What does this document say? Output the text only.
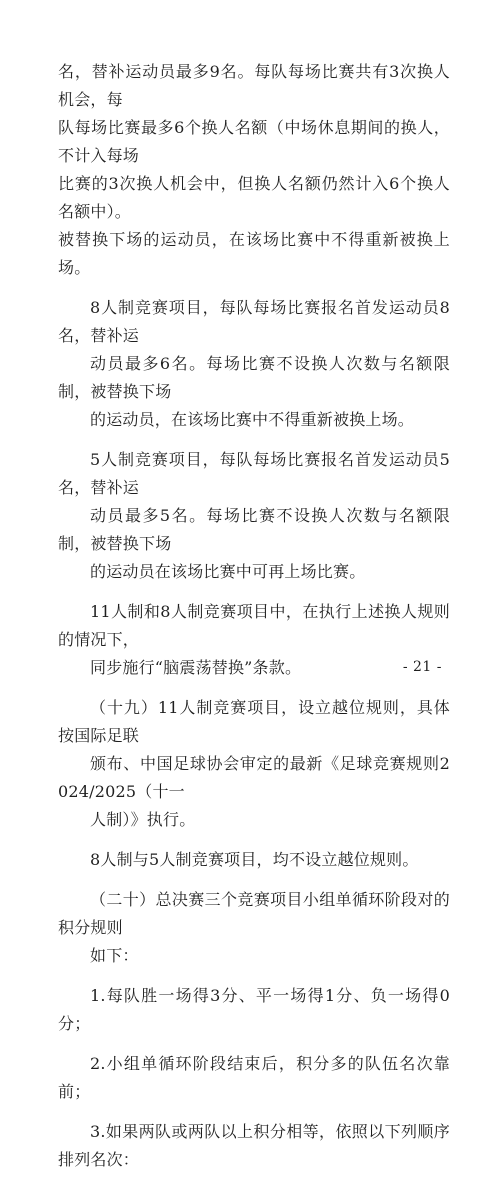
名，替补运动员最多9名。每队每场比赛共有3次换人机会，每
队每场比赛最多6个换人名额（中场休息期间的换人，不计入每场
比赛的3次换人机会中，但换人名额仍然计入6个换人名额中）。
被替换下场的运动员，在该场比赛中不得重新被换上场。

8人制竞赛项目，每队每场比赛报名首发运动员8名，替补运
动员最多6名。每场比赛不设换人次数与名额限制，被替换下场
的运动员，在该场比赛中不得重新被换上场。

5人制竞赛项目，每队每场比赛报名首发运动员5名，替补运
动员最多5名。每场比赛不设换人次数与名额限制，被替换下场
的运动员在该场比赛中可再上场比赛。

11人制和8人制竞赛项目中，在执行上述换人规则的情况下，
同步施行“脑震荡替换”条款。

（十九）11人制竞赛项目，设立越位规则，具体按国际足联
颁布、中国足球协会审定的最新《足球竞赛规则2024/2025（十一
人制）》执行。

8人制与5人制竞赛项目，均不设立越位规则。

（二十）总决赛三个竞赛项目小组单循环阶段对的积分规则
如下：

1.每队胜一场得3分、平一场得1分、负一场得0分；

2.小组单循环阶段结束后，积分多的队伍名次靠前；

3.如果两队或两队以上积分相等，依照以下列顺序排列名次：

- 21 -
